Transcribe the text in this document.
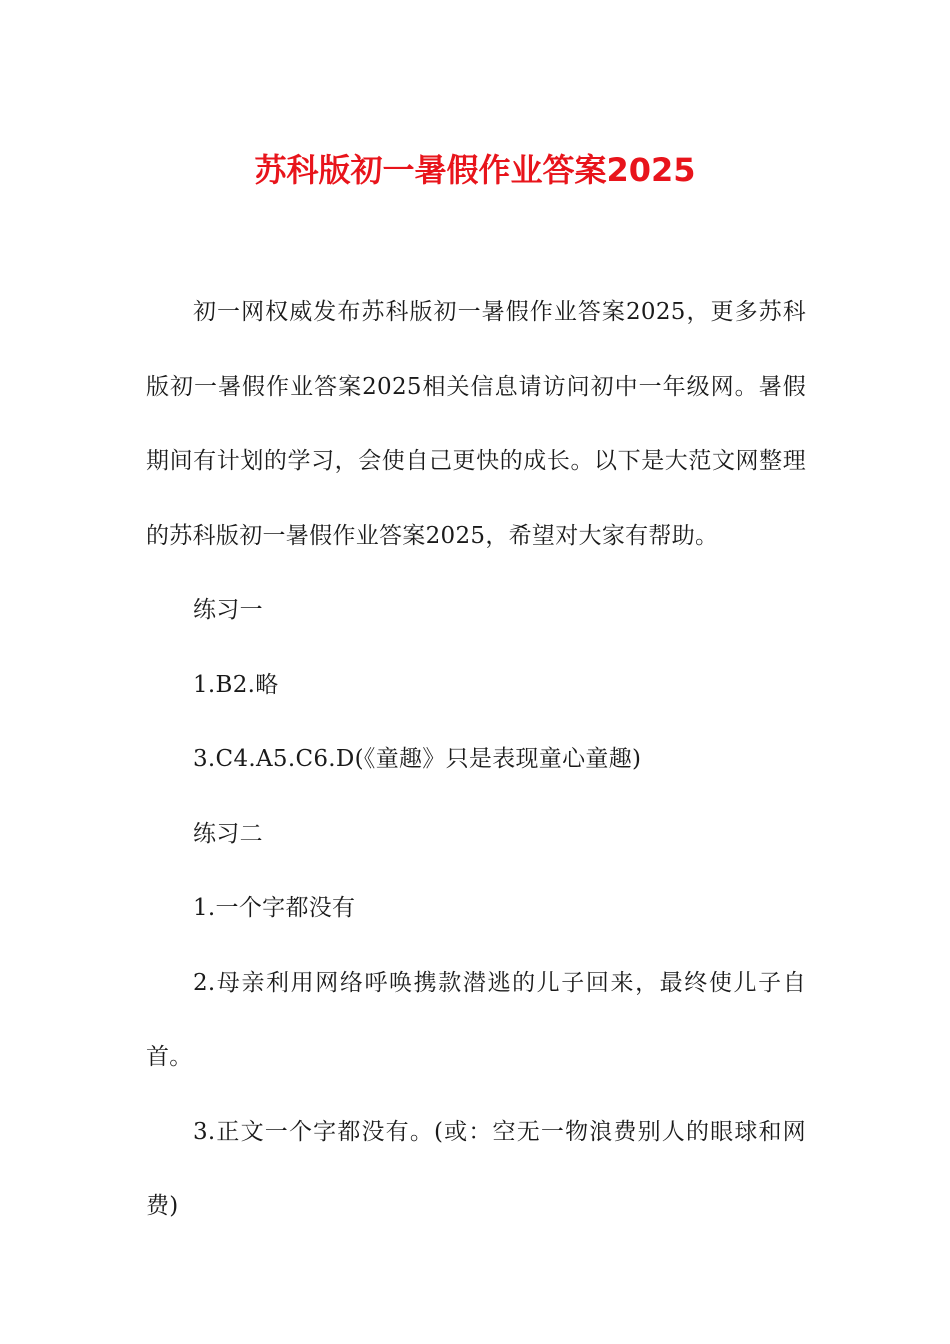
苏科版初一暑假作业答案2025

初一网权威发布苏科版初一暑假作业答案2025，更多苏科版初一暑假作业答案2025相关信息请访问初中一年级网。暑假期间有计划的学习，会使自己更快的成长。以下是大范文网整理的苏科版初一暑假作业答案2025，希望对大家有帮助。

练习一

1.B2.略

3.C4.A5.C6.D(《童趣》只是表现童心童趣)

练习二

1.一个字都没有

2.母亲利用网络呼唤携款潜逃的儿子回来，最终使儿子自首。

3.正文一个字都没有。(或：空无一物浪费别人的眼球和网费)
